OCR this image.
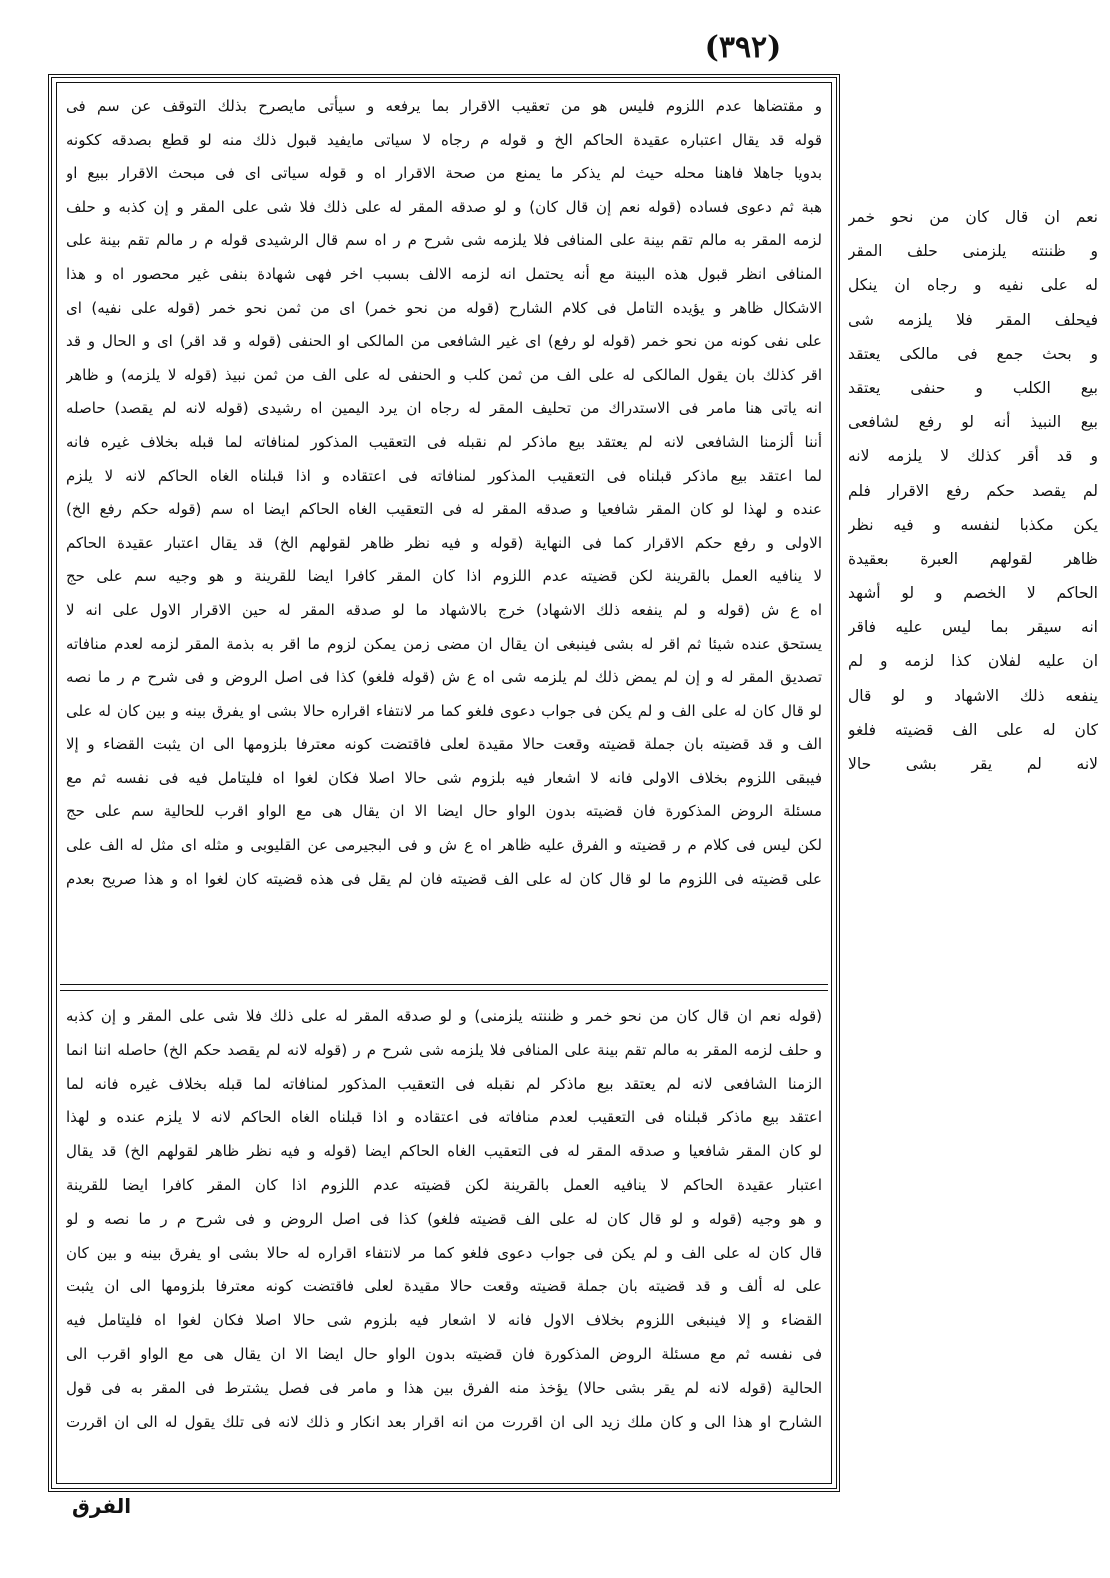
(٣٩٢)
و مقتضاها عدم اللزوم فليس هو من تعقيب الاقرار بما يرفعه و سيأتى مايصرح بذلك التوقف عن سم فى
قوله قد يقال اعتباره عقيدة الحاكم الخ و قوله م رجاه لا سياتى مايفيد قبول ذلك منه لو قطع بصدقه ككونه
بدويا جاهلا فاهنا محله حيث لم يذكر ما يمنع من صحة الاقرار اه و قوله سياتى اى فى مبحث الاقرار ببيع او
هبة ثم دعوى فساده (قوله نعم إن قال كان) و لو صدقه المقر له على ذلك فلا شى على المقر و إن كذبه و حلف
لزمه المقر به مالم تقم بينة على المنافى فلا يلزمه شى شرح م ر اه سم قال الرشيدى قوله م ر مالم تقم بينة على
المنافى انظر قبول هذه البينة مع أنه يحتمل انه لزمه الالف بسبب اخر فهى شهادة بنفى غير محصور اه و هذا
الاشكال ظاهر و يؤيده التامل فى كلام الشارح (قوله من نحو خمر) اى من ثمن نحو خمر (قوله على نفيه) اى
على نفى كونه من نحو خمر (قوله لو رفع) اى غير الشافعى من المالكى او الحنفى (قوله و قد اقر) اى و الحال و قد
اقر كذلك بان يقول المالكى له على الف من ثمن كلب و الحنفى له على الف من ثمن نبيذ (قوله لا يلزمه) و ظاهر
انه ياتى هنا مامر فى الاستدراك من تحليف المقر له رجاه ان يرد اليمين اه رشيدى (قوله لانه لم يقصد) حاصله
أننا ألزمنا الشافعى لانه لم يعتقد بيع ماذكر لم نقبله فى التعقيب المذكور لمنافاته لما قبله بخلاف غيره فانه
لما اعتقد بيع ماذكر قبلناه فى التعقيب المذكور لمنافاته فى اعتقاده و اذا قبلناه الغاه الحاكم لانه لا يلزم
عنده و لهذا لو كان المقر شافعيا و صدقه المقر له فى التعقيب الغاه الحاكم ايضا اه سم (قوله حكم رفع الخ)
الاولى و رفع حكم الاقرار كما فى النهاية (قوله و فيه نظر ظاهر لقولهم الخ) قد يقال اعتبار عقيدة الحاكم
لا ينافيه العمل بالقرينة لكن قضيته عدم اللزوم اذا كان المقر كافرا ايضا للقرينة و هو وجيه سم على حج
اه ع ش (قوله و لم ينفعه ذلك الاشهاد) خرج بالاشهاد ما لو صدقه المقر له حين الاقرار الاول على انه لا
يستحق عنده شيئا ثم اقر له بشى فينبغى ان يقال ان مضى زمن يمكن لزوم ما اقر به بذمة المقر لزمه لعدم منافاته
تصديق المقر له و إن لم يمض ذلك لم يلزمه شى اه ع ش (قوله فلغو) كذا فى اصل الروض و فى شرح م ر ما نصه
لو قال كان له على الف و لم يكن فى جواب دعوى فلغو كما مر لانتفاء اقراره حالا بشى او يفرق بينه و بين كان له على
الف و قد قضيته بان جملة قضيته وقعت حالا مقيدة لعلى فاقتضت كونه معترفا بلزومها الى ان يثبت القضاء و إلا
فيبقى اللزوم بخلاف الاولى فانه لا اشعار فيه بلزوم شى حالا اصلا فكان لغوا اه فليتامل فيه فى نفسه ثم مع
مسئلة الروض المذكورة فان قضيته بدون الواو حال ايضا الا ان يقال هى مع الواو اقرب للحالية سم على حج
لكن ليس فى كلام م ر قضيته و الفرق عليه ظاهر اه ع ش و فى البجيرمى عن القليوبى و مثله اى مثل له الف على
على قضيته فى اللزوم ما لو قال كان له على الف قضيته فان لم يقل فى هذه قضيته كان لغوا اه و هذا صريح بعدم
(قوله نعم ان قال كان من نحو خمر و ظننته يلزمنى) و لو صدقه المقر له على ذلك فلا شى على المقر و إن كذبه
و حلف لزمه المقر به مالم تقم بينة على المنافى فلا يلزمه شى شرح م ر (قوله لانه لم يقصد حكم الخ) حاصله اننا انما
الزمنا الشافعى لانه لم يعتقد بيع ماذكر لم نقبله فى التعقيب المذكور لمنافاته لما قبله بخلاف غيره فانه لما
اعتقد بيع ماذكر قبلناه فى التعقيب لعدم منافاته فى اعتقاده و اذا قبلناه الغاه الحاكم لانه لا يلزم عنده و لهذا
لو كان المقر شافعيا و صدقه المقر له فى التعقيب الغاه الحاكم ايضا (قوله و فيه نظر ظاهر لقولهم الخ) قد يقال
اعتبار عقيدة الحاكم لا ينافيه العمل بالقرينة لكن قضيته عدم اللزوم اذا كان المقر كافرا ايضا للقرينة
و هو وجيه (قوله و لو قال كان له على الف قضيته فلغو) كذا فى اصل الروض و فى شرح م ر ما نصه و لو
قال كان له على الف و لم يكن فى جواب دعوى فلغو كما مر لانتفاء اقراره له حالا بشى او يفرق بينه و بين كان
على له ألف و قد قضيته بان جملة قضيته وقعت حالا مقيدة لعلى فاقتضت كونه معترفا بلزومها الى ان يثبت
القضاء و إلا فينبغى اللزوم بخلاف الاول فانه لا اشعار فيه بلزوم شى حالا اصلا فكان لغوا اه فليتامل فيه
فى نفسه ثم مع مسئلة الروض المذكورة فان قضيته بدون الواو حال ايضا الا ان يقال هى مع الواو اقرب الى
الحالية (قوله لانه لم يقر بشى حالا) يؤخذ منه الفرق بين هذا و مامر فى فصل يشترط فى المقر به فى قول
الشارح او هذا الى و كان ملك زيد الى ان اقررت من انه اقرار بعد انكار و ذلك لانه فى تلك يقول له الى ان اقررت
نعم ان قال كان من نحو خمر
و ظننته يلزمنى حلف المقر
له على نفيه و رجاه ان ينكل
فيحلف المقر فلا يلزمه شى
و بحث جمع فى مالكى يعتقد
بيع الكلب و حنفى يعتقد
بيع النبيذ أنه لو رفع لشافعى
و قد أقر كذلك لا يلزمه لانه
لم يقصد حكم رفع الاقرار فلم
يكن مكذبا لنفسه و فيه نظر
ظاهر لقولهم العبرة بعقيدة
الحاكم لا الخصم و لو أشهد
انه سيقر بما ليس عليه فاقر
ان عليه لفلان كذا لزمه و لم
ينفعه ذلك الاشهاد و لو قال
كان له على الف قضيته فلغو
لانه لم يقر بشى حالا
الفرق
